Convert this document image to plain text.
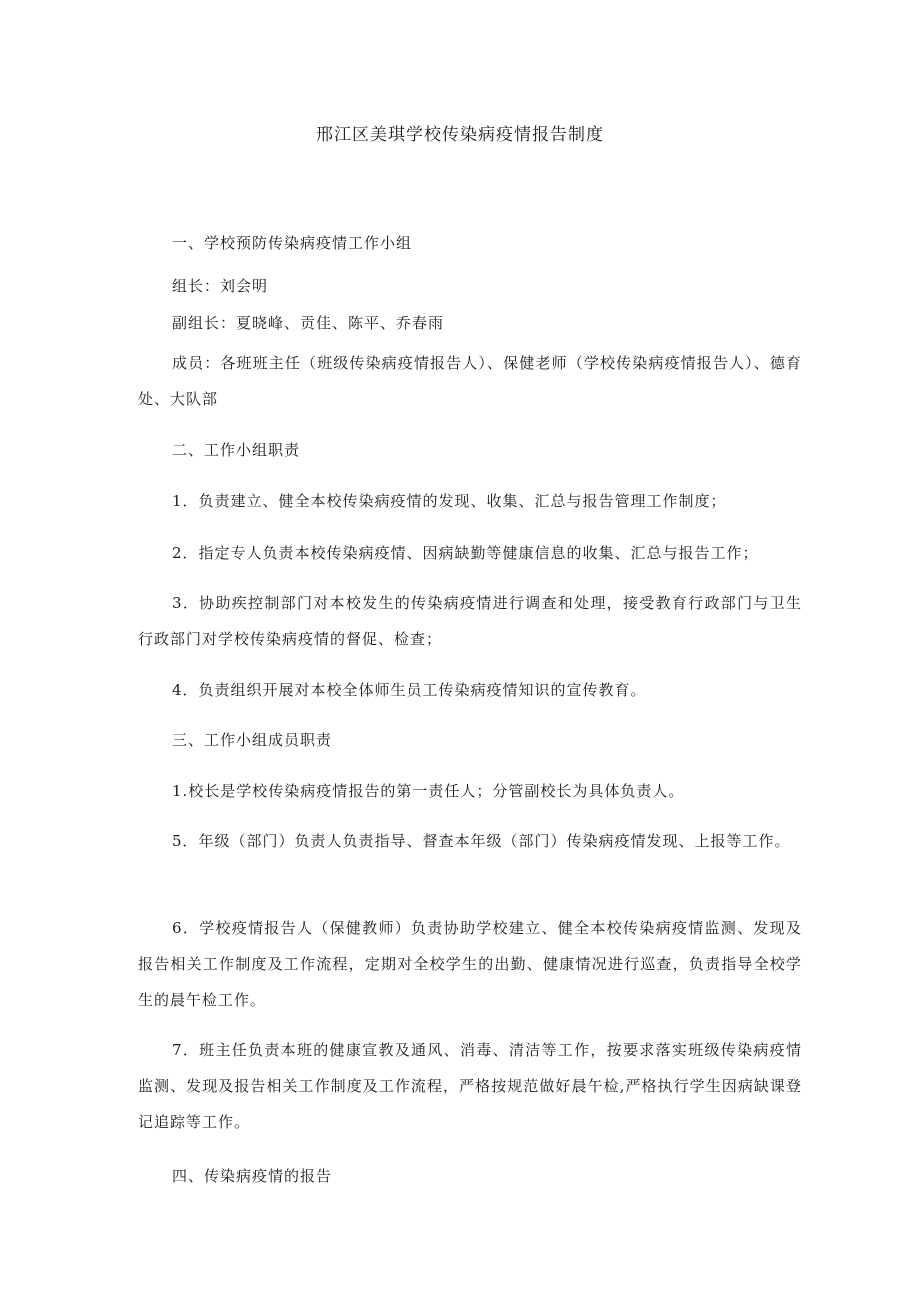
邢江区美琪学校传染病疫情报告制度

一、学校预防传染病疫情工作小组

组长：刘会明

副组长：夏晓峰、贡佳、陈平、乔春雨

成员：各班班主任（班级传染病疫情报告人）、保健老师（学校传染病疫情报告人）、德育处、大队部

二、工作小组职责

1．负责建立、健全本校传染病疫情的发现、收集、汇总与报告管理工作制度；

2．指定专人负责本校传染病疫情、因病缺勤等健康信息的收集、汇总与报告工作；

3．协助疾控制部门对本校发生的传染病疫情进行调查和处理，接受教育行政部门与卫生行政部门对学校传染病疫情的督促、检查；

4．负责组织开展对本校全体师生员工传染病疫情知识的宣传教育。

三、工作小组成员职责

1.校长是学校传染病疫情报告的第一责任人；分管副校长为具体负责人。

5．年级（部门）负责人负责指导、督查本年级（部门）传染病疫情发现、上报等工作。

6．学校疫情报告人（保健教师）负责协助学校建立、健全本校传染病疫情监测、发现及报告相关工作制度及工作流程，定期对全校学生的出勤、健康情况进行巡查，负责指导全校学生的晨午检工作。

7．班主任负责本班的健康宣教及通风、消毒、清洁等工作，按要求落实班级传染病疫情监测、发现及报告相关工作制度及工作流程，严格按规范做好晨午检,严格执行学生因病缺课登记追踪等工作。

四、传染病疫情的报告
